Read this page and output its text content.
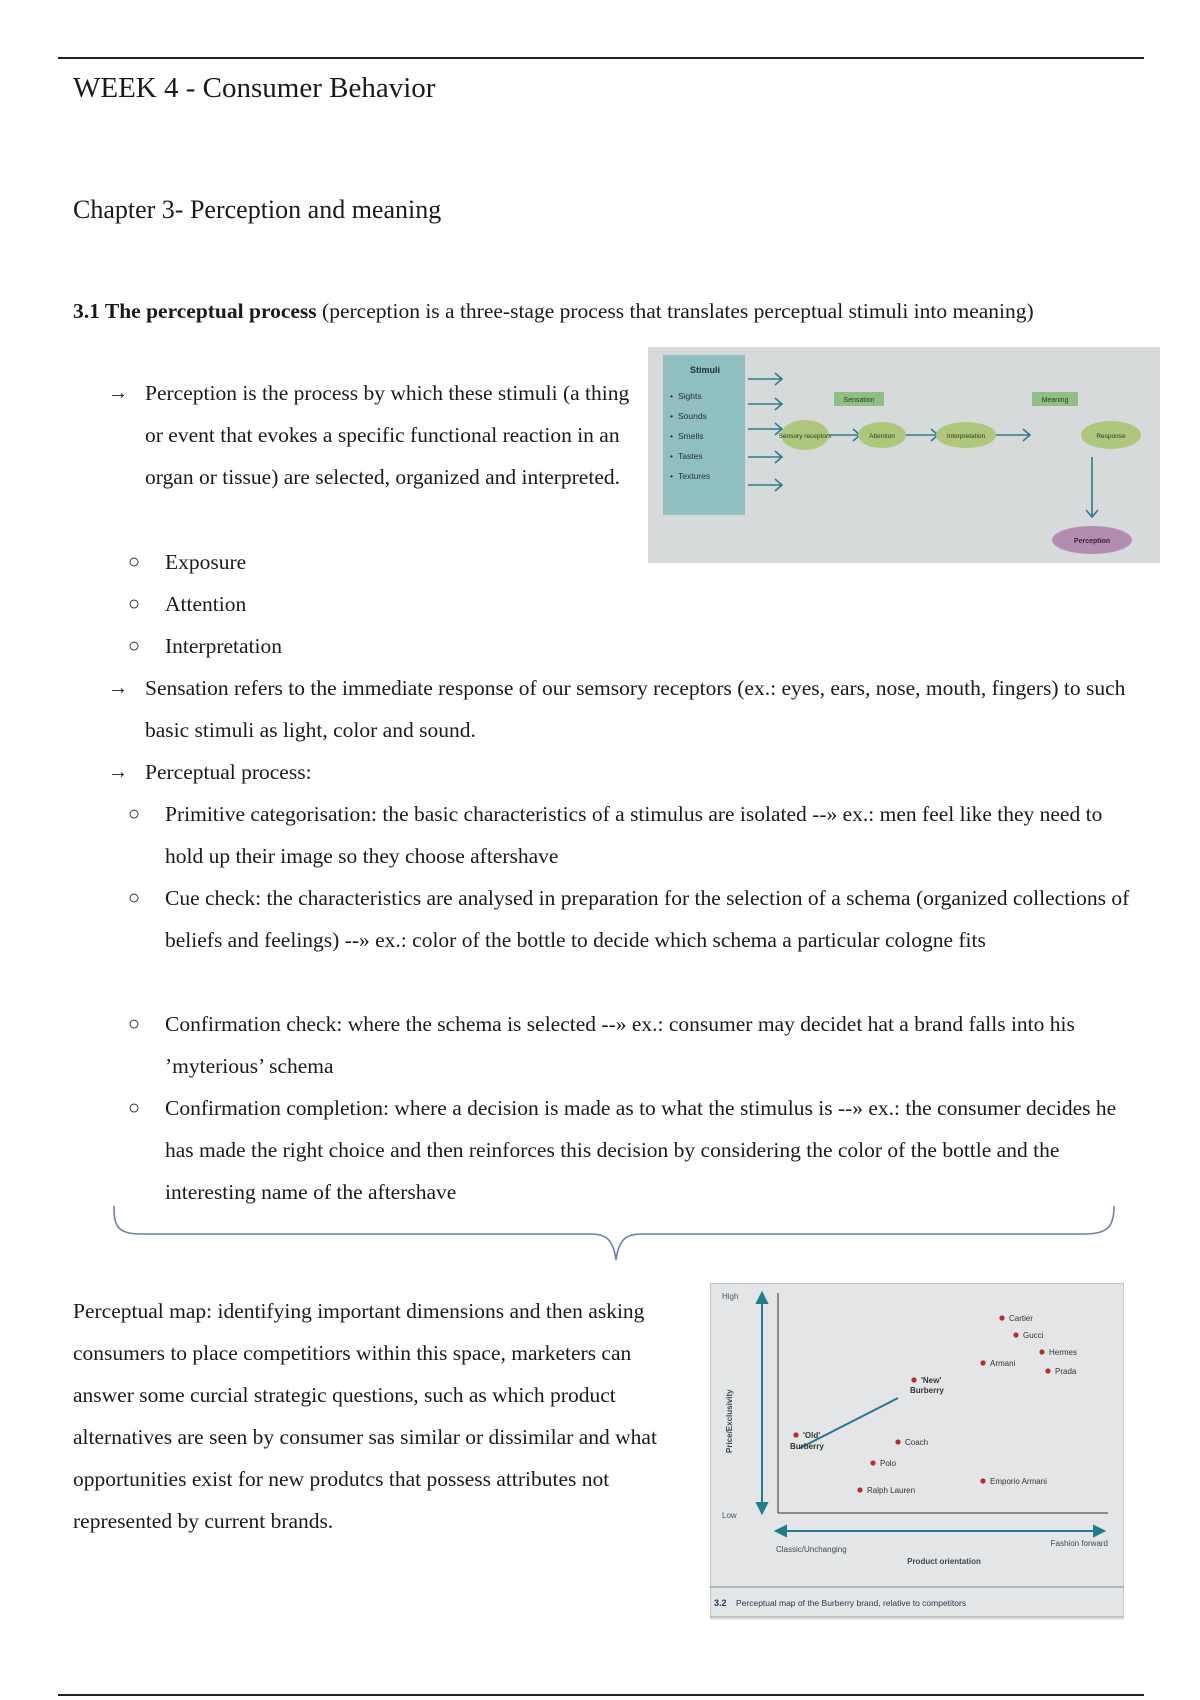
WEEK 4 - Consumer Behavior
Chapter 3- Perception and meaning
3.1 The perceptual process (perception is a three-stage process that translates perceptual stimuli into meaning)
→ Perception is the process by which these stimuli (a thing or event that evokes a specific functional reaction in an organ or tissue) are selected, organized and interpreted.
○ Exposure
○ Attention
○ Interpretation
→ Sensation refers to the immediate response of our semsory receptors (ex.: eyes, ears, nose, mouth, fingers) to such basic stimuli as light, color and sound.
→ Perceptual process:
○ Primitive categorisation: the basic characteristics of a stimulus are isolated --» ex.: men feel like they need to hold up their image so they choose aftershave
○ Cue check: the characteristics are analysed in preparation for the selection of a schema (organized collections of beliefs and feelings) --» ex.: color of the bottle to decide which schema a particular cologne fits
○ Confirmation check: where the schema is selected --» ex.: consumer may decidet hat a brand falls into his ’myterious’ schema
○ Confirmation completion: where a decision is made as to what the stimulus is --» ex.: the consumer decides he has made the right choice and then reinforces this decision by considering the color of the bottle and the interesting name of the aftershave
Perceptual map: identifying important dimensions and then asking consumers to place competitiors within this space, marketers can answer some curcial strategic questions, such as which product alternatives are seen by consumer sas similar or dissimilar and what opportunities exist for new produtcs that possess attributes not represented by current brands.
Stimuli
• Sights
• Sounds
• Smells
• Tastes
• Textures
Sensation	Meaning
Sensory receptors	Attention	Interpretation	Response
Perception
High
Low
Price/Exclusivity
Classic/Unchanging
Fashion forward
Product orientation
Cartier
Gucci
Hermes
Armani
Prada
'New'
Burberry
'Old'
Burberry	Coach
Polo
Ralph Lauren
Emporio Armani
3.2 Perceptual map of the Burberry brand, relative to competitors
